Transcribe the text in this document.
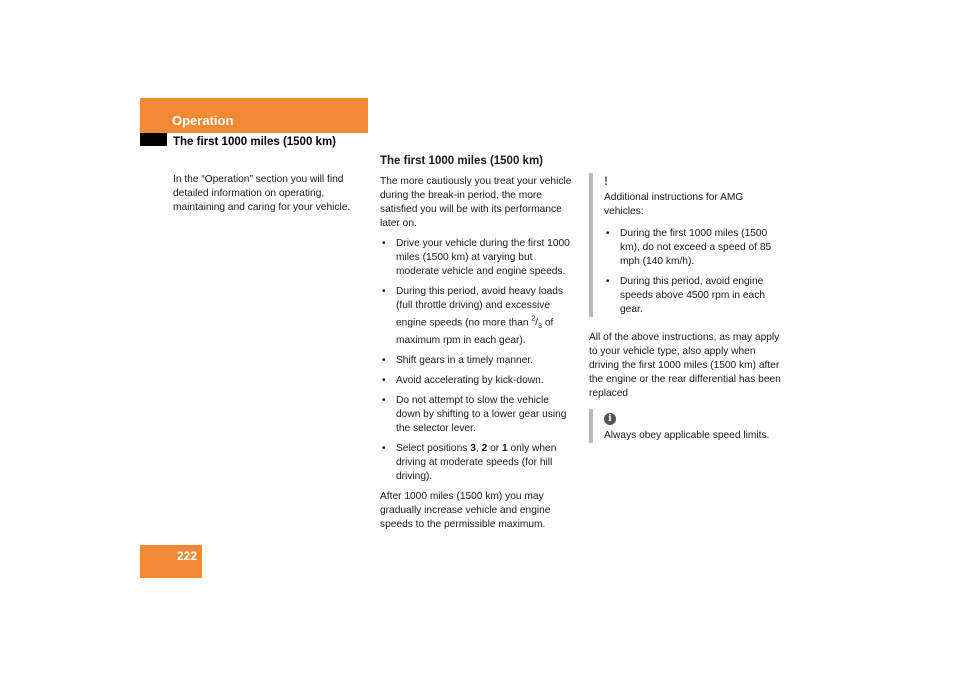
Operation
The first 1000 miles (1500 km)

In the “Operation” section you will find detailed information on operating, maintaining and caring for your vehicle.

The first 1000 miles (1500 km)

The more cautiously you treat your vehicle during the break-in period, the more satisfied you will be with its performance later on.

• Drive your vehicle during the first 1000 miles (1500 km) at varying but moderate vehicle and engine speeds.
• During this period, avoid heavy loads (full throttle driving) and excessive engine speeds (no more than $^2/_3$ of maximum rpm in each gear).
• Shift gears in a timely manner.
• Avoid accelerating by kick-down.
• Do not attempt to slow the vehicle down by shifting to a lower gear using the selector lever.
• Select positions 3, 2 or 1 only when driving at moderate speeds (for hill driving).

After 1000 miles (1500 km) you may gradually increase vehicle and engine speeds to the permissible maximum.

!

Additional instructions for AMG vehicles:

• During the first 1000 miles (1500 km), do not exceed a speed of 85 mph (140 km/h).
• During this period, avoid engine speeds above 4500 rpm in each gear.

All of the above instructions, as may apply to your vehicle type, also apply when driving the first 1000 miles (1500 km) after the engine or the rear differential has been replaced

i

Always obey applicable speed limits.

222
